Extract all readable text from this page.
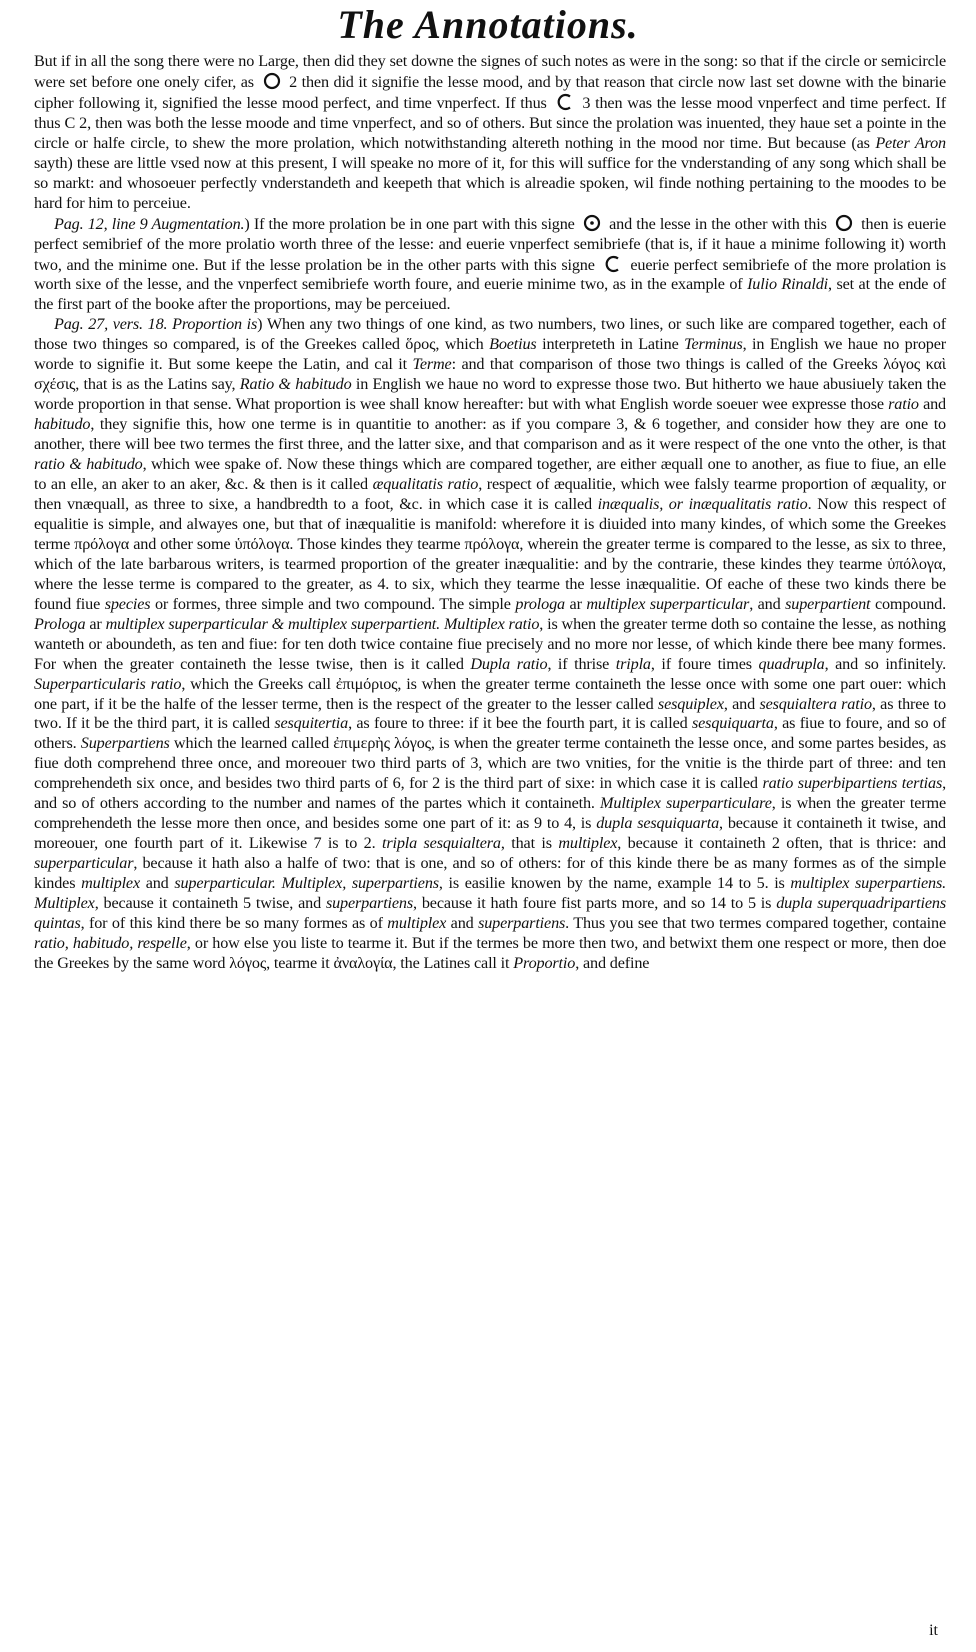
The Annotations.

But if in all the song there were no Large, then did they set downe the signes of such notes as were in the song: so that if the circle or semicircle were set before one onely cifer, as
2 then did it signifie the lesse mood, and by that reason that circle now last set downe with the binarie cipher following it, signified the lesse mood perfect, and time vnperfect. If thus
3 then was the lesse mood vnperfect and time perfect. If thus C 2, then was both the lesse moode and time vnperfect, and so of others. But since the prolation was inuented, they haue set a pointe in the circle or halfe circle, to shew the more prolation, which notwithstanding altereth nothing in the mood nor time. But because (as Peter Aron sayth) these are little vsed now at this present, I will speake no more of it, for this will suffice for the vnderstanding of any song which shall be so markt: and whosoeuer perfectly vnderstandeth and keepeth that which is alreadie spoken, wil finde nothing pertaining to the moodes to be hard for him to perceiue.

Pag. 12, line 9 Augmentation.) If the more prolation be in one part with this signe
and the lesse in the other with this
then is euerie perfect semibrief of the more prolatio worth three of the lesse: and euerie vnperfect semibriefe (that is, if it haue a minime following it) worth two, and the minime one. But if the lesse prolation be in the other parts with this signe
euerie perfect semibriefe of the more prolation is worth sixe of the lesse, and the vnperfect semibriefe worth foure, and euerie minime two, as in the example of Iulio Rinaldi, set at the ende of the first part of the booke after the proportions, may be perceiued.

Pag. 27, vers. 18. Proportion is) When any two things of one kind, as two numbers, two lines, or such like are compared together, each of those two thinges so compared, is of the Greekes called ὅρος, which Boetius interpreteth in Latine Terminus, in English we haue no proper worde to signifie it. But some keepe the Latin, and cal it Terme: and that comparison of those two things is called of the Greeks λόγος καὶ σχέσις, that is as the Latins say, Ratio & habitudo in English we haue no word to expresse those two. But hitherto we haue abusiuely taken the worde proportion in that sense. What proportion is wee shall know hereafter: but with what English worde soeuer wee expresse those ratio and habitudo, they signifie this, how one terme is in quantitie to another: as if you compare 3, & 6 together, and consider how they are one to another, there will bee two termes the first three, and the latter sixe, and that comparison and as it were respect of the one vnto the other, is that ratio & habitudo, which wee spake of. Now these things which are compared together, are either æquall one to another, as fiue to fiue, an elle to an elle, an aker to an aker, &c. & then is it called æqualitatis ratio, respect of æqualitie, which wee falsly tearme proportion of æquality, or then vnæquall, as three to sixe, a handbredth to a foot, &c. in which case it is called inæqualis, or inæqualitatis ratio. Now this respect of equalitie is simple, and alwayes one, but that of inæqualitie is manifold: wherefore it is diuided into many kindes, of which some the Greekes terme πρόλογα and other some ὑπόλογα. Those kindes they tearme πρόλογα, wherein the greater terme is compared to the lesse, as six to three, which of the late barbarous writers, is tearmed proportion of the greater inæqualitie: and by the contrarie, these kindes they tearme ὑπόλογα, where the lesse terme is compared to the greater, as 4. to six, which they tearme the lesse inæqualitie. Of eache of these two kinds there be found fiue species or formes, three simple and two compound. The simple prologa ar multiplex superparticular, and superpartient compound. Prologa ar multiplex superparticular & multiplex superpartient. Multiplex ratio, is when the greater terme doth so containe the lesse, as nothing wanteth or aboundeth, as ten and fiue: for ten doth twice containe fiue precisely and no more nor lesse, of which kinde there bee many formes. For when the greater containeth the lesse twise, then is it called Dupla ratio, if thrise tripla, if foure times quadrupla, and so infinitely. Superparticularis ratio, which the Greeks call ἐπιμόριος, is when the greater terme containeth the lesse once with some one part ouer: which one part, if it be the halfe of the lesser terme, then is the respect of the greater to the lesser called sesquiplex, and sesquialtera ratio, as three to two. If it be the third part, it is called sesquitertia, as foure to three: if it bee the fourth part, it is called sesquiquarta, as fiue to foure, and so of others. Superpartiens which the learned called ἐπιμερὴς λόγος, is when the greater terme containeth the lesse once, and some partes besides, as fiue doth comprehend three once, and moreouer two third parts of 3, which are two vnities, for the vnitie is the thirde part of three: and ten comprehendeth six once, and besides two third parts of 6, for 2 is the third part of sixe: in which case it is called ratio superbipartiens tertias, and so of others according to the number and names of the partes which it containeth. Multiplex superparticulare, is when the greater terme comprehendeth the lesse more then once, and besides some one part of it: as 9 to 4, is dupla sesquiquarta, because it containeth it twise, and moreouer, one fourth part of it. Likewise 7 is to 2. tripla sesquialtera, that is multiplex, because it containeth 2 often, that is thrice: and superparticular, because it hath also a halfe of two: that is one, and so of others: for of this kinde there be as many formes as of the simple kindes multiplex and superparticular. Multiplex, superpartiens, is easilie knowen by the name, example 14 to 5. is multiplex superpartiens. Multiplex, because it containeth 5 twise, and superpartiens, because it hath foure fist parts more, and so 14 to 5 is dupla superquadripartiens quintas, for of this kind there be so many formes as of multiplex and superpartiens. Thus you see that two termes compared together, containe ratio, habitudo, respelle, or how else you liste to tearme it. But if the termes be more then two, and betwixt them one respect or more, then doe the Greekes by the same word λόγος, tearme it ἀναλογία, the Latines call it Proportio, and define

it
